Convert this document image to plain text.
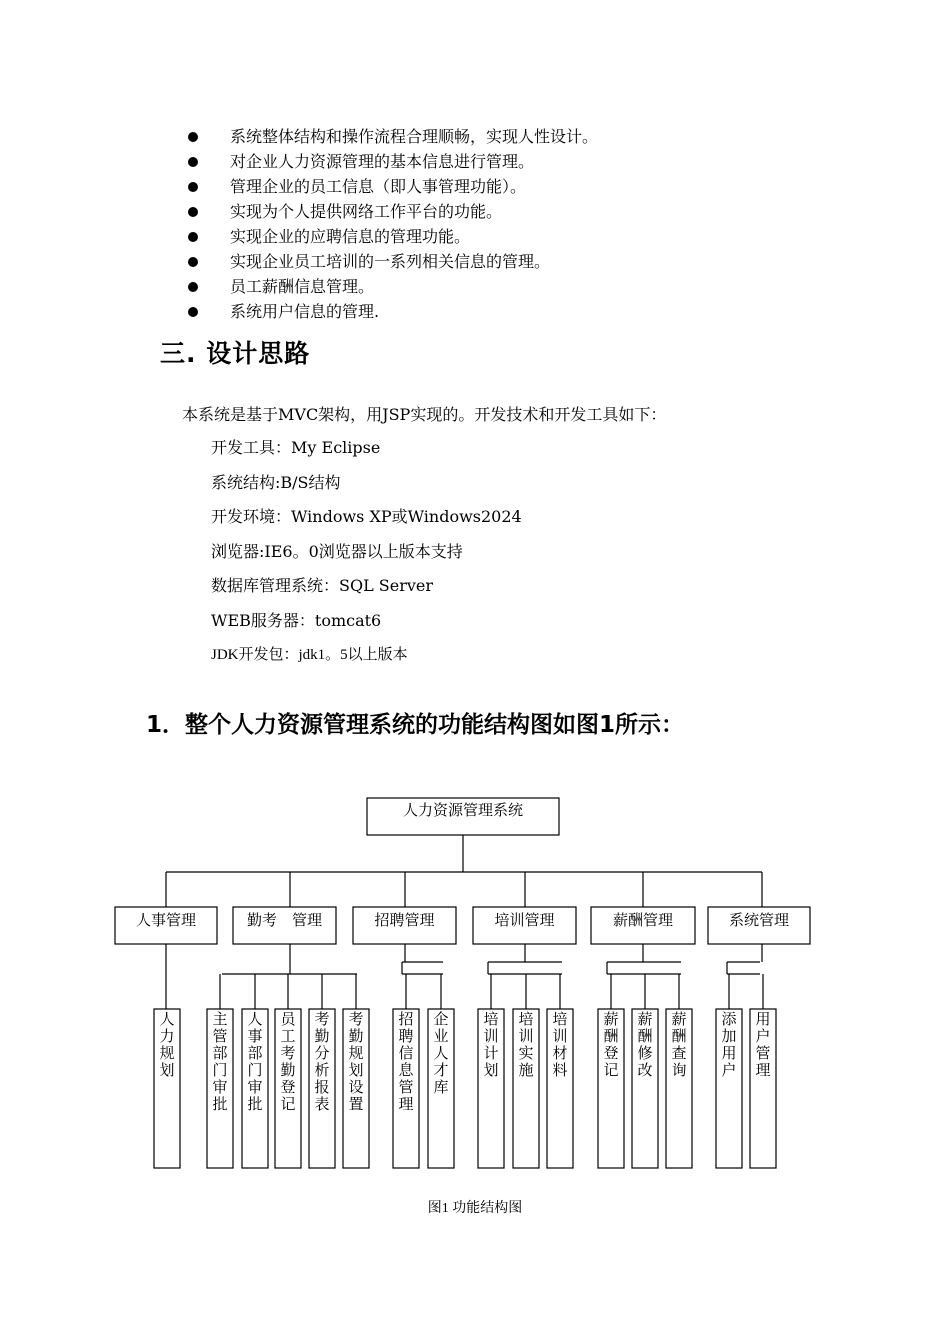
系统整体结构和操作流程合理顺畅，实现人性设计。
对企业人力资源管理的基本信息进行管理。
管理企业的员工信息（即人事管理功能）。
实现为个人提供网络工作平台的功能。
实现企业的应聘信息的管理功能。
实现企业员工培训的一系列相关信息的管理。
员工薪酬信息管理。
系统用户信息的管理.
三. 设计思路

本系统是基于MVC架构，用JSP实现的。开发技术和开发工具如下：

开发工具：My Eclipse
系统结构:B/S结构
开发环境：Windows XP或Windows2024
浏览器:IE6。0浏览器以上版本支持
数据库管理系统：SQL Server
WEB服务器：tomcat6
JDK开发包：jdk1。5以上版本
1．整个人力资源管理系统的功能结构图如图1所示：
人力资源管理系统
人事管理
人力规划
勤考　管理
主管部门审批
人事部门审批
员工考勤登记
考勤分析报表
考勤规划设置
招聘管理
招聘信息管理
企业人才库
培训管理
培训计划
培训实施
培训材料
薪酬管理
薪酬登记
薪酬修改
薪酬查询
系统管理
添加用户
用户管理
图1 功能结构图
